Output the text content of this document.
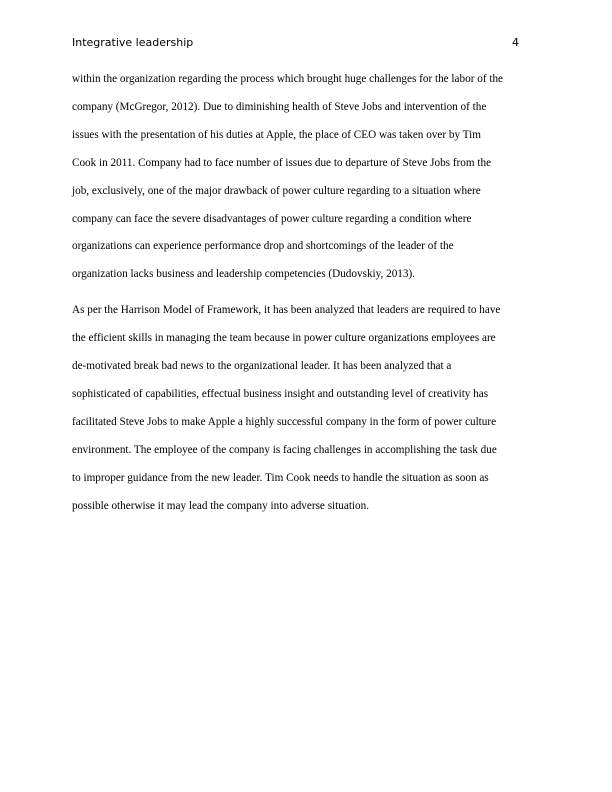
Integrative leadership	4

within the organization regarding the process which brought huge challenges for the labor of the
company (McGregor, 2012). Due to diminishing health of Steve Jobs and intervention of the
issues with the presentation of his duties at Apple, the place of CEO was taken over by Tim
Cook in 2011. Company had to face number of issues due to departure of Steve Jobs from the
job, exclusively, one of the major drawback of power culture regarding to a situation where
company can face the severe disadvantages of power culture regarding a condition where
organizations can experience performance drop and shortcomings of the leader of the
organization lacks business and leadership competencies (Dudovskiy, 2013).

As per the Harrison Model of Framework, it has been analyzed that leaders are required to have
the efficient skills in managing the team because in power culture organizations employees are
de-motivated break bad news to the organizational leader. It has been analyzed that a
sophisticated of capabilities, effectual business insight and outstanding level of creativity has
facilitated Steve Jobs to make Apple a highly successful company in the form of power culture
environment. The employee of the company is facing challenges in accomplishing the task due
to improper guidance from the new leader. Tim Cook needs to handle the situation as soon as
possible otherwise it may lead the company into adverse situation.
